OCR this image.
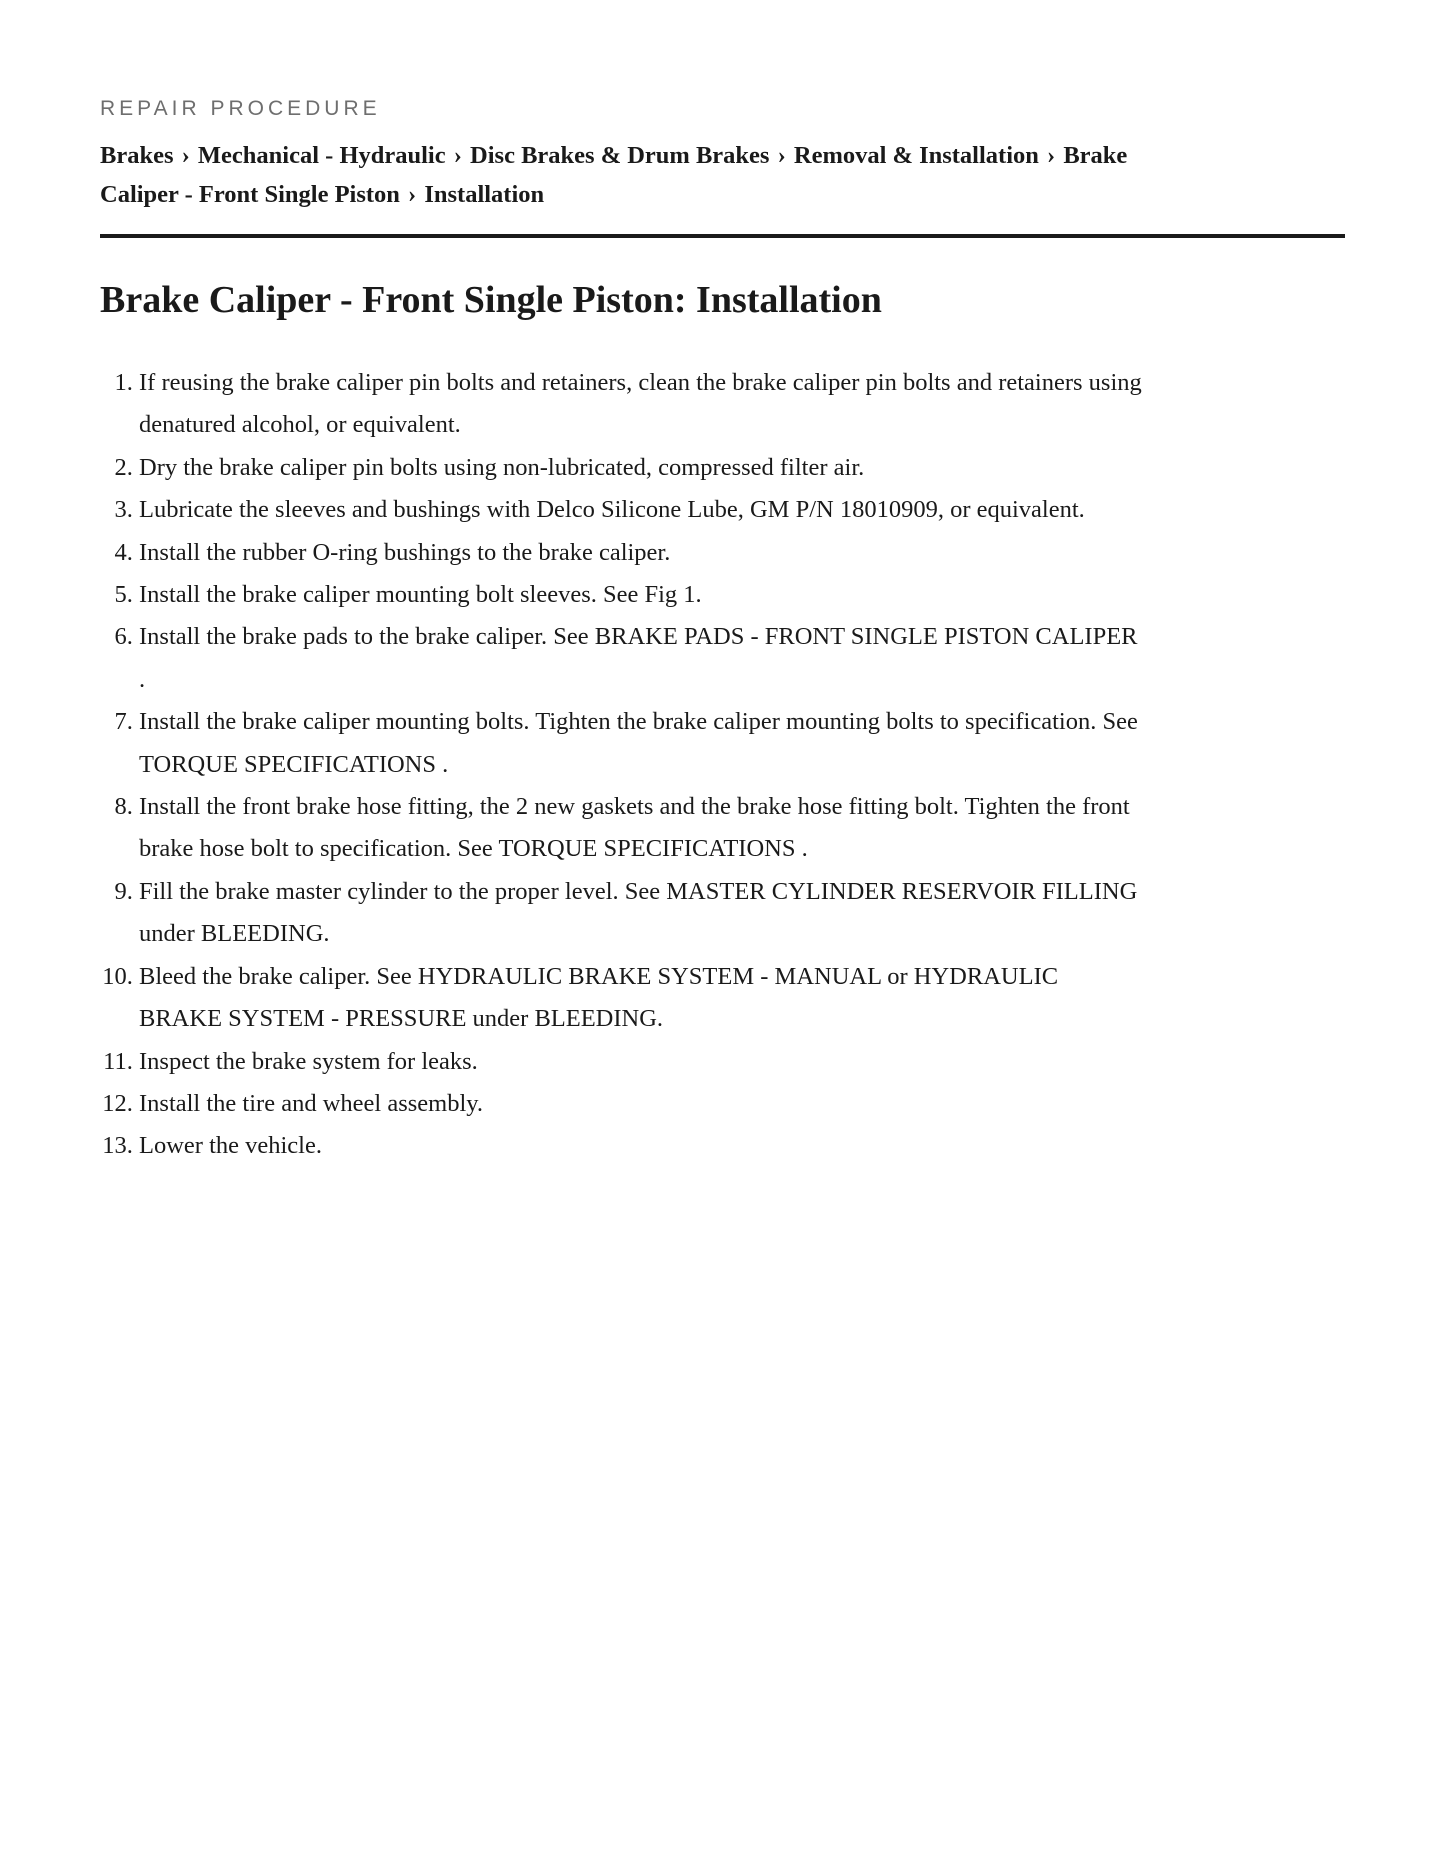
REPAIR PROCEDURE

Brakes › Mechanical - Hydraulic › Disc Brakes & Drum Brakes › Removal & Installation › Brake Caliper - Front Single Piston › Installation
Brake Caliper - Front Single Piston: Installation
1. If reusing the brake caliper pin bolts and retainers, clean the brake caliper pin bolts and retainers using denatured alcohol, or equivalent.
2. Dry the brake caliper pin bolts using non-lubricated, compressed filter air.
3. Lubricate the sleeves and bushings with Delco Silicone Lube, GM P/N 18010909, or equivalent.
4. Install the rubber O-ring bushings to the brake caliper.
5. Install the brake caliper mounting bolt sleeves. See Fig 1.
6. Install the brake pads to the brake caliper. See BRAKE PADS - FRONT SINGLE PISTON CALIPER .
7. Install the brake caliper mounting bolts. Tighten the brake caliper mounting bolts to specification. See TORQUE SPECIFICATIONS .
8. Install the front brake hose fitting, the 2 new gaskets and the brake hose fitting bolt. Tighten the front brake hose bolt to specification. See TORQUE SPECIFICATIONS .
9. Fill the brake master cylinder to the proper level. See MASTER CYLINDER RESERVOIR FILLING under BLEEDING.
10. Bleed the brake caliper. See HYDRAULIC BRAKE SYSTEM - MANUAL or HYDRAULIC BRAKE SYSTEM - PRESSURE under BLEEDING.
11. Inspect the brake system for leaks.
12. Install the tire and wheel assembly.
13. Lower the vehicle.
